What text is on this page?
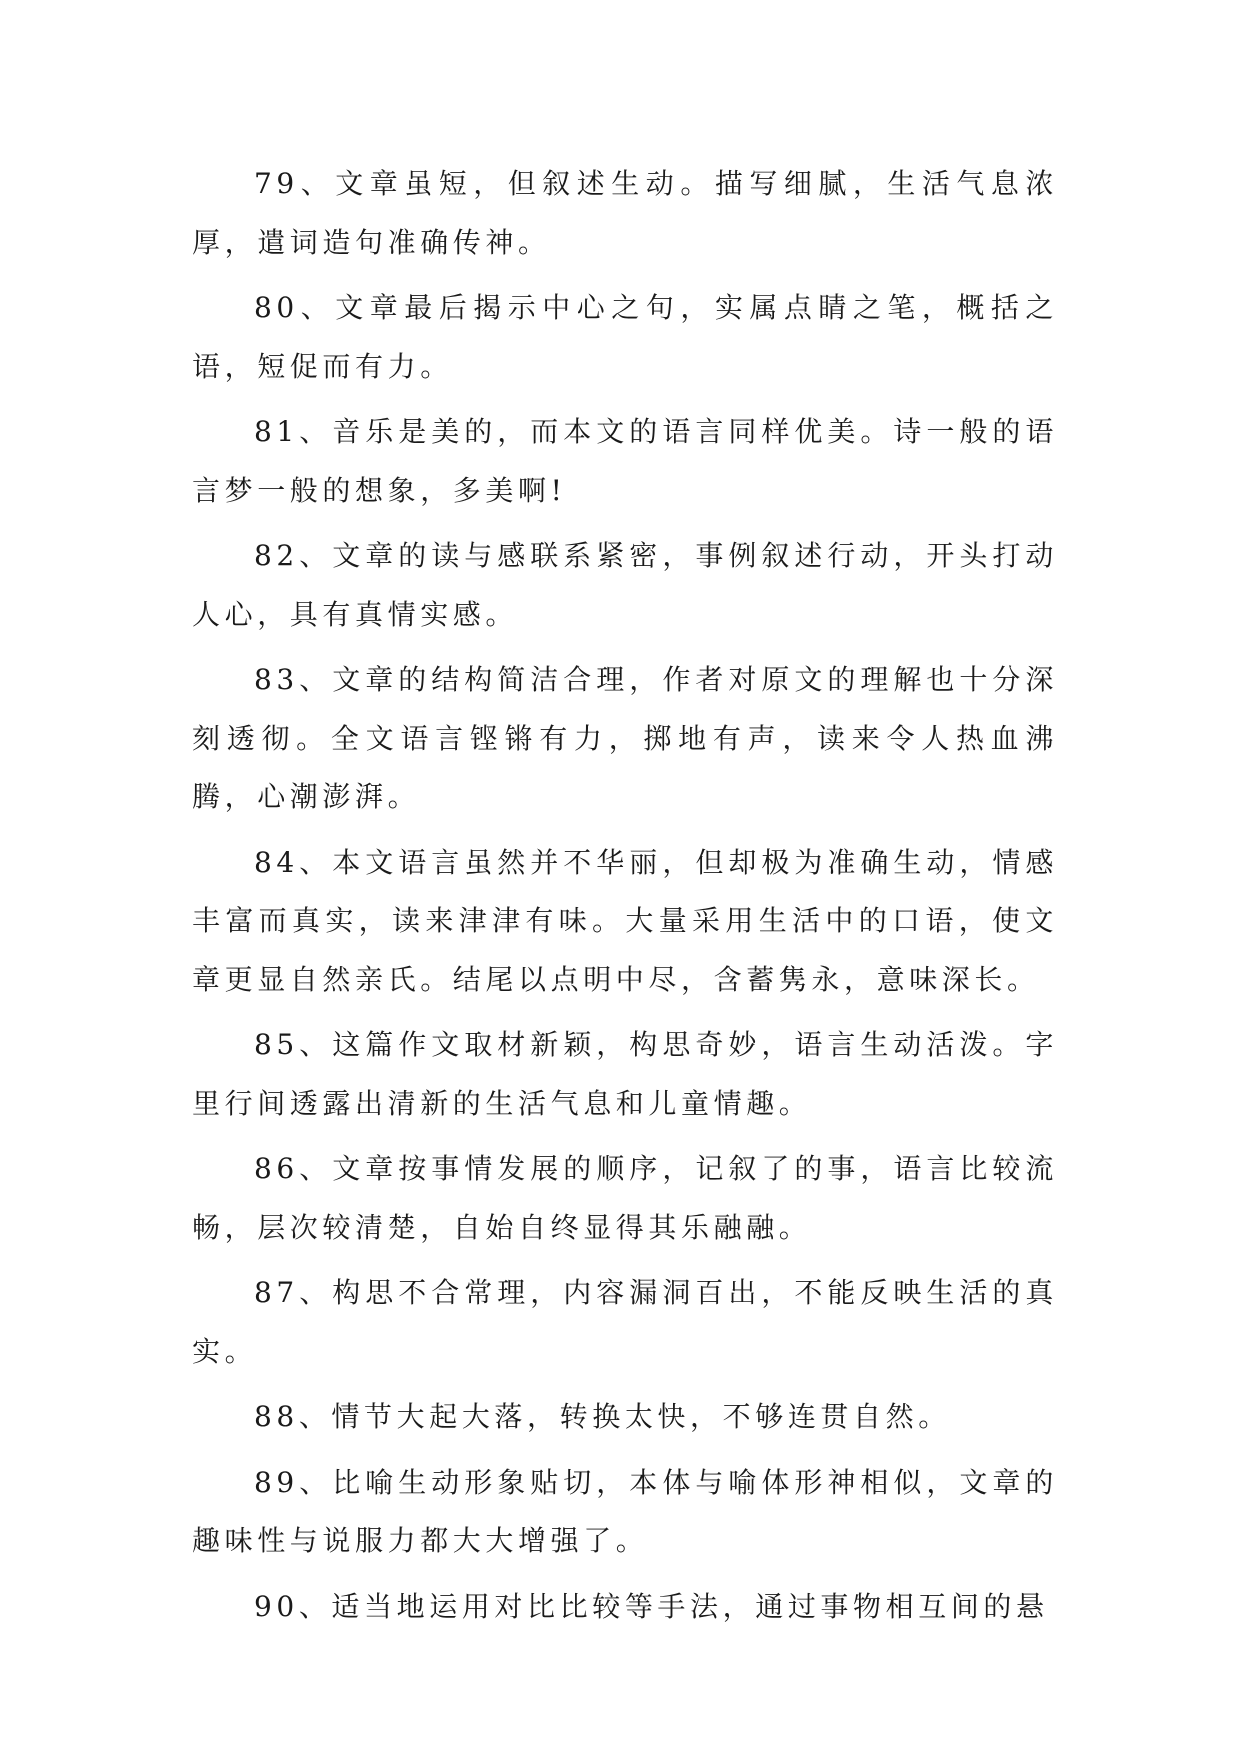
79、文章虽短，但叙述生动。描写细腻，生活气息浓厚，遣词造句准确传神。

80、文章最后揭示中心之句，实属点睛之笔，概括之语，短促而有力。

81、音乐是美的，而本文的语言同样优美。诗一般的语言梦一般的想象，多美啊!

82、文章的读与感联系紧密，事例叙述行动，开头打动人心，具有真情实感。

83、文章的结构简洁合理，作者对原文的理解也十分深刻透彻。全文语言铿锵有力，掷地有声，读来令人热血沸腾，心潮澎湃。

84、本文语言虽然并不华丽，但却极为准确生动，情感丰富而真实，读来津津有味。大量采用生活中的口语，使文章更显自然亲氏。结尾以点明中尽，含蓄隽永，意味深长。

85、这篇作文取材新颖，构思奇妙，语言生动活泼。字里行间透露出清新的生活气息和儿童情趣。

86、文章按事情发展的顺序，记叙了的事，语言比较流畅，层次较清楚，自始自终显得其乐融融。

87、构思不合常理，内容漏洞百出，不能反映生活的真实。

88、情节大起大落，转换太快，不够连贯自然。

89、比喻生动形象贴切，本体与喻体形神相似，文章的趣味性与说服力都大大增强了。

90、适当地运用对比比较等手法，通过事物相互间的悬
